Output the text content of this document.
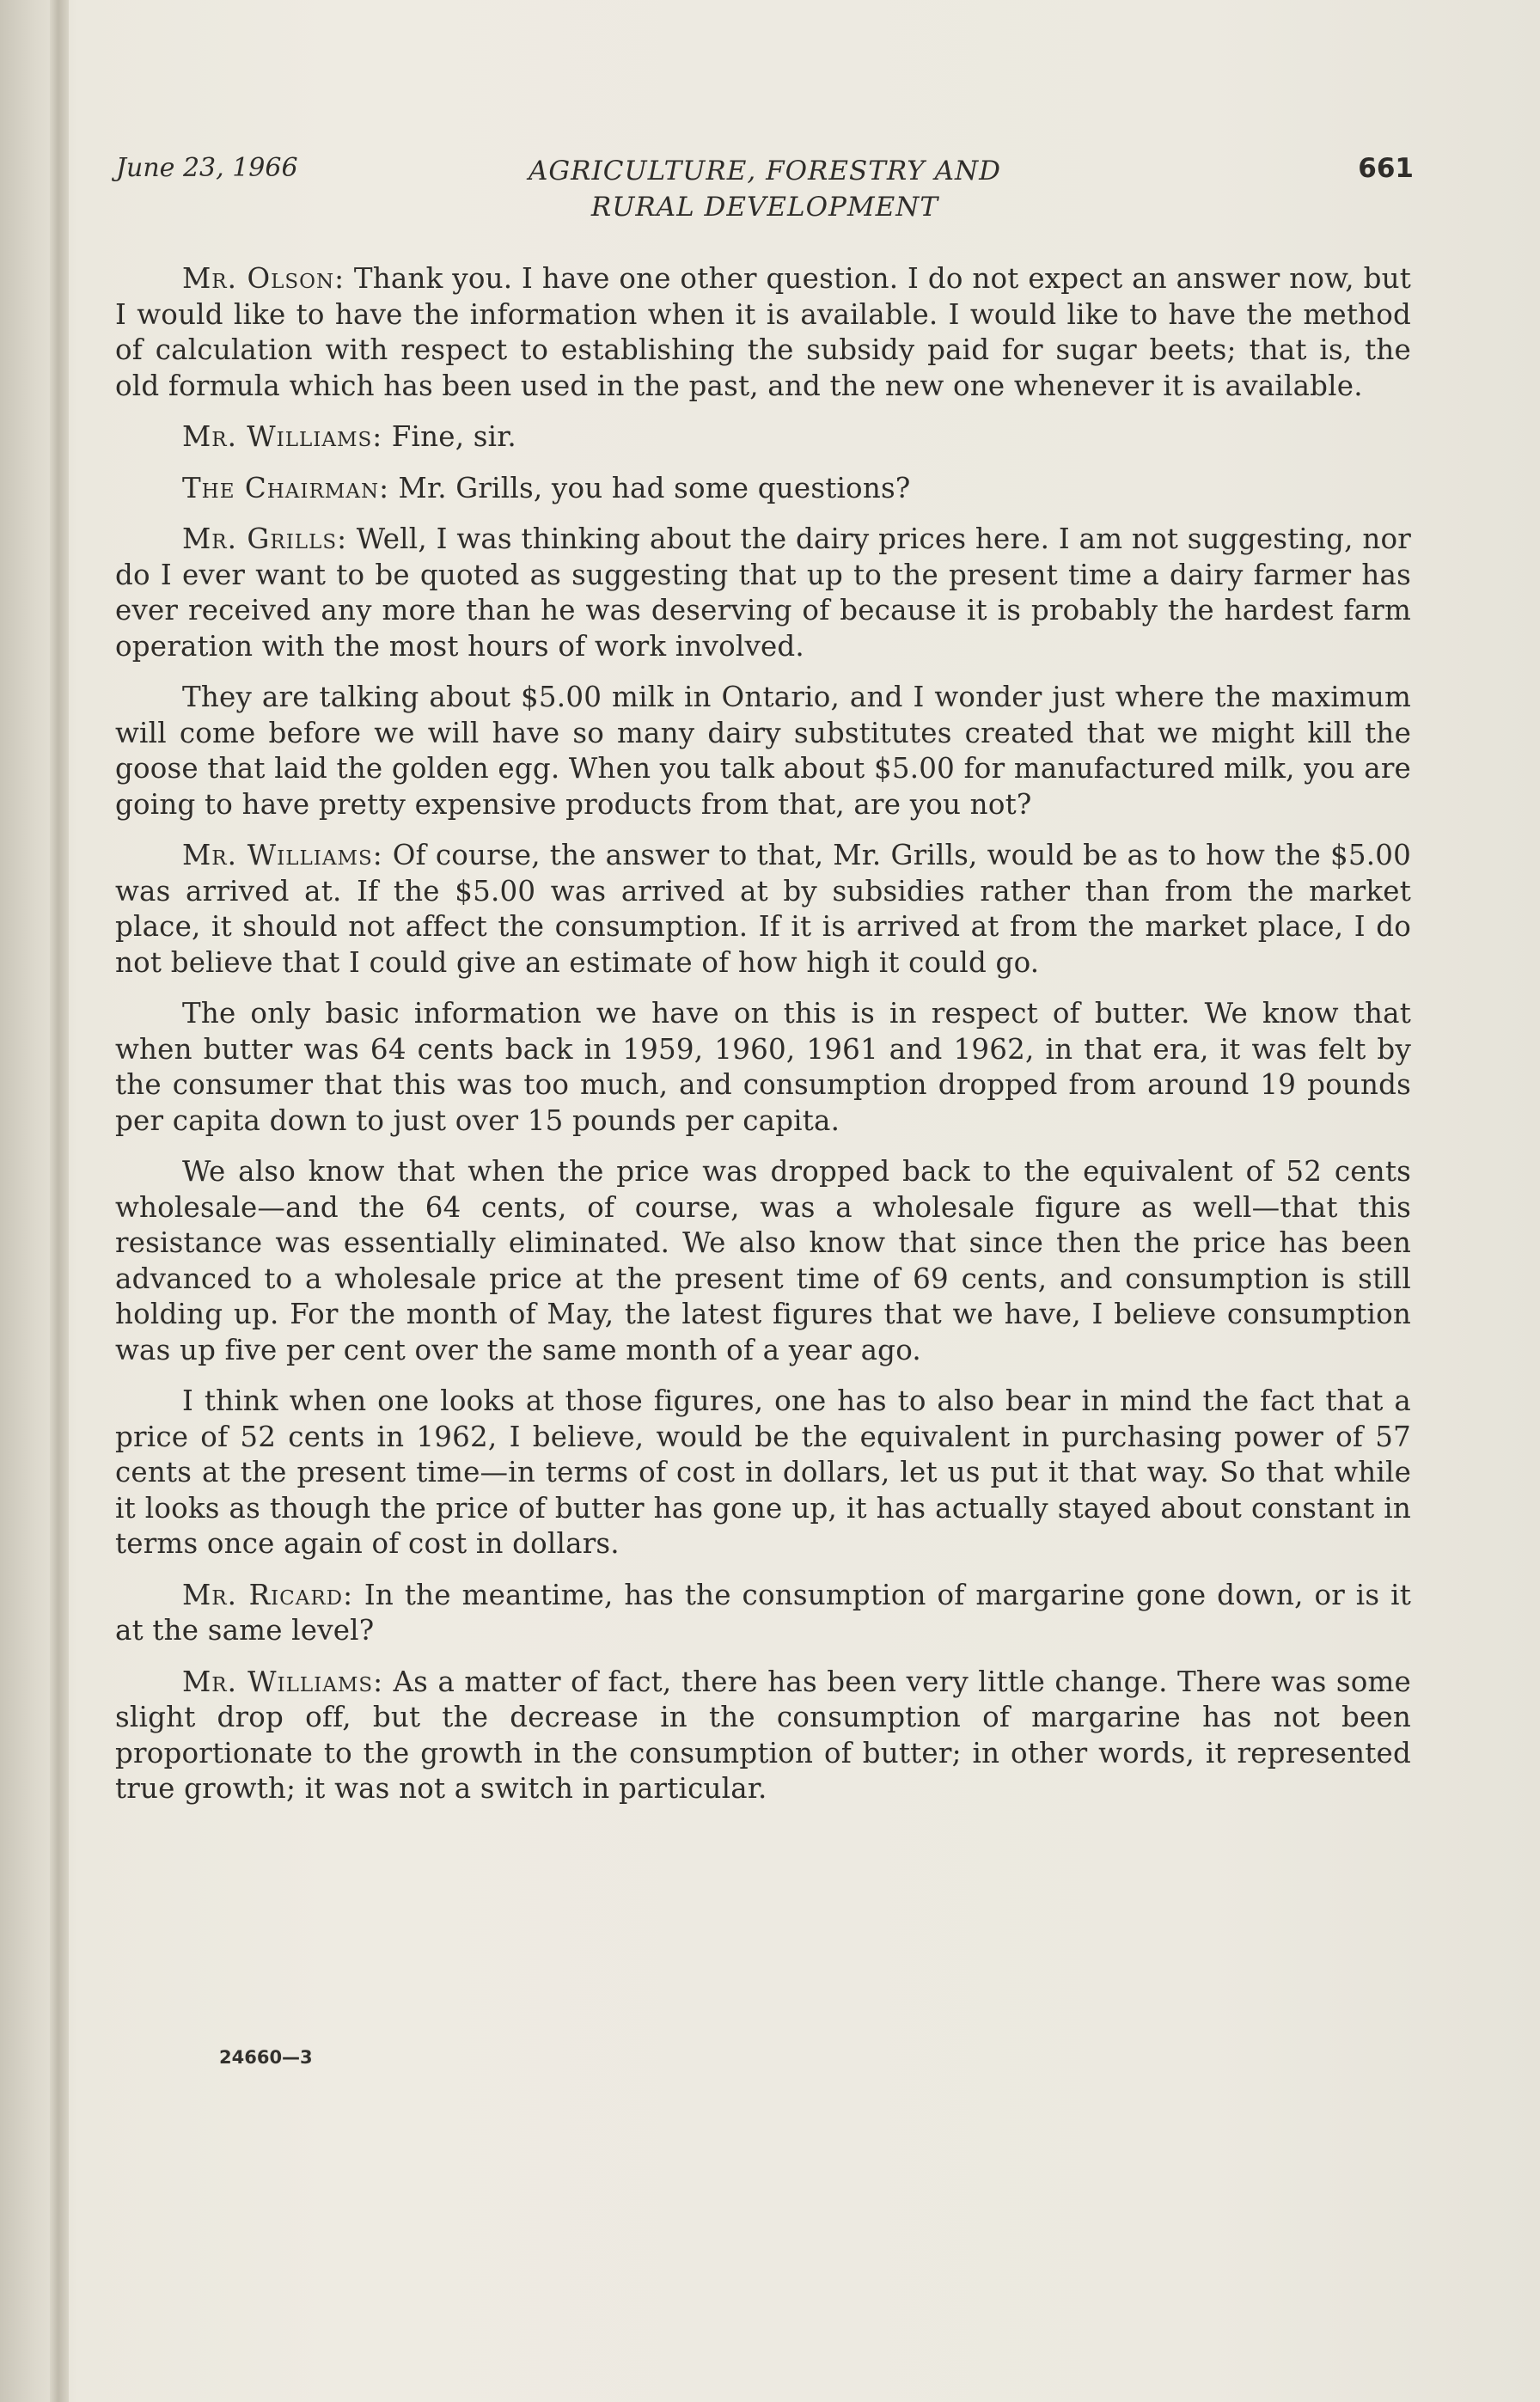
June 23, 1966	AGRICULTURE, FORESTRY AND
RURAL DEVELOPMENT
661

Mr. Olson: Thank you. I have one other question. I do not expect an answer now, but I would like to have the information when it is available. I would like to have the method of calculation with respect to establishing the subsidy paid for sugar beets; that is, the old formula which has been used in the past, and the new one whenever it is available.

Mr. Williams: Fine, sir.

The Chairman: Mr. Grills, you had some questions?

Mr. Grills: Well, I was thinking about the dairy prices here. I am not suggesting, nor do I ever want to be quoted as suggesting that up to the present time a dairy farmer has ever received any more than he was deserving of because it is probably the hardest farm operation with the most hours of work involved.

They are talking about $5.00 milk in Ontario, and I wonder just where the maximum will come before we will have so many dairy substitutes created that we might kill the goose that laid the golden egg. When you talk about $5.00 for manufactured milk, you are going to have pretty expensive products from that, are you not?

Mr. Williams: Of course, the answer to that, Mr. Grills, would be as to how the $5.00 was arrived at. If the $5.00 was arrived at by subsidies rather than from the market place, it should not affect the consumption. If it is arrived at from the market place, I do not believe that I could give an estimate of how high it could go.

The only basic information we have on this is in respect of butter. We know that when butter was 64 cents back in 1959, 1960, 1961 and 1962, in that era, it was felt by the consumer that this was too much, and consumption dropped from around 19 pounds per capita down to just over 15 pounds per capita.

We also know that when the price was dropped back to the equivalent of 52 cents wholesale—and the 64 cents, of course, was a wholesale figure as well—that this resistance was essentially eliminated. We also know that since then the price has been advanced to a wholesale price at the present time of 69 cents, and consumption is still holding up. For the month of May, the latest figures that we have, I believe consumption was up five per cent over the same month of a year ago.

I think when one looks at those figures, one has to also bear in mind the fact that a price of 52 cents in 1962, I believe, would be the equivalent in purchasing power of 57 cents at the present time—in terms of cost in dollars, let us put it that way. So that while it looks as though the price of butter has gone up, it has actually stayed about constant in terms once again of cost in dollars.

Mr. Ricard: In the meantime, has the consumption of margarine gone down, or is it at the same level?

Mr. Williams: As a matter of fact, there has been very little change. There was some slight drop off, but the decrease in the consumption of margarine has not been proportionate to the growth in the consumption of butter; in other words, it represented true growth; it was not a switch in particular.

24660—3
